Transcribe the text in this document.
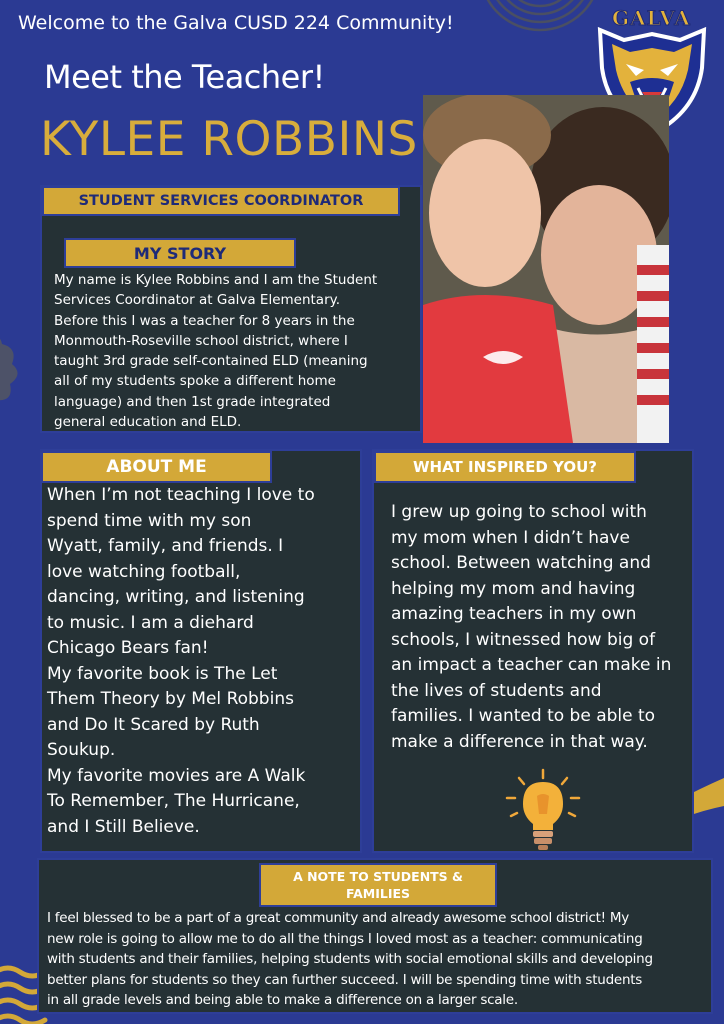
Welcome to the Galva CUSD 224 Community!
Meet the Teacher!
KYLEE ROBBINS
GALVA
STUDENT SERVICES COORDINATOR
MY STORY
My name is Kylee Robbins and I am the Student
Services Coordinator at Galva Elementary.
Before this I was a teacher for 8 years in the
Monmouth-Roseville school district, where I
taught 3rd grade self-contained ELD (meaning
all of my students spoke a different home
language) and then 1st grade integrated
general education and ELD.
ABOUT ME
When I’m not teaching I love to
spend time with my son
Wyatt, family, and friends. I
love watching football,
dancing, writing, and listening
to music. I am a diehard
Chicago Bears fan!
My favorite book is The Let
Them Theory by Mel Robbins
and Do It Scared by Ruth
Soukup.
My favorite movies are A Walk
To Remember, The Hurricane,
and I Still Believe.
WHAT INSPIRED YOU?
I grew up going to school with
my mom when I didn’t have
school. Between watching and
helping my mom and having
amazing teachers in my own
schools, I witnessed how big of
an impact a teacher can make in
the lives of students and
families. I wanted to be able to
make a difference in that way.
A NOTE TO STUDENTS &
FAMILIES
I feel blessed to be a part of a great community and already awesome school district! My
new role is going to allow me to do all the things I loved most as a teacher: communicating
with students and their families, helping students with social emotional skills and developing
better plans for students so they can further succeed. I will be spending time with students
in all grade levels and being able to make a difference on a larger scale.
